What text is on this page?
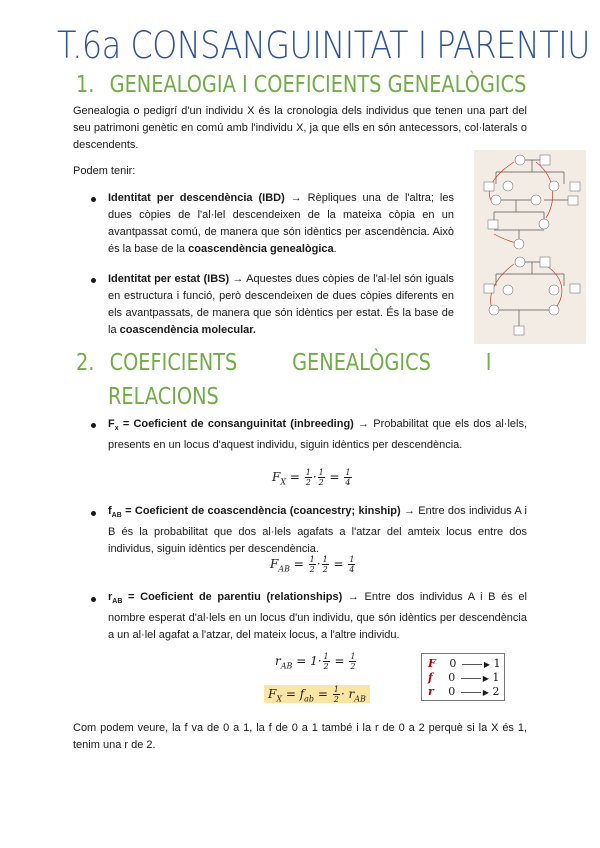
T.6a CONSANGUINITAT I PARENTIU
1. GENEALOGIA I COEFICIENTS GENEALÒGICS
Genealogia o pedigrí d'un individu X és la cronologia dels individus que tenen una part del seu patrimoni genètic en comú amb l'individu X, ja que ells en són antecessors, col·laterals o descendents.
Podem tenir:
Identitat per descendència (IBD) → Rèpliques una de l'altra; les dues còpies de l'al·lel descendeixen de la mateixa còpia en un avantpassat comú, de manera que són idèntics per ascendència. Això és la base de la coascendència genealògica.
Identitat per estat (IBS) → Aquestes dues còpies de l'al·lel són iguals en estructura i funció, però descendeixen de dues còpies diferents en els avantpassats, de manera que són idèntics per estat. És la base de la coascendència molecular.
2. COEFICIENTS GENEALÒGICS I
RELACIONS
$F_x$ = Coeficient de consanguinitat (inbreeding) → Probabilitat que els dos al·lels, presents en un locus d'aquest individu, siguin idèntics per descendència.
$F_X = \frac{1}{2} \cdot \frac{1}{2} = \frac{1}{4}$
$f_{AB}$ = Coeficient de coascendència (coancestry; kinship) → Entre dos individus A i B és la probabilitat que dos al·lels agafats a l'atzar del amteix locus entre dos individus, siguin idèntics per descendència.
$F_{AB} = \frac{1}{2} \cdot \frac{1}{2} = \frac{1}{4}$
$r_{AB}$ = Coeficient de parentiu (relationships) → Entre dos individus A i B és el nombre esperat d'al·lels en un locus d'un individu, que són idèntics per descendència a un al·lel agafat a l'atzar, del mateix locus, a l'altre individu.
$r_{AB} = 1\cdot \frac{1}{2} = \frac{1}{2}$
$F_X = f_{ab} = \frac{1}{2} \cdot r_{AB}$
F 0	▶ 1
f 0	▶ 1
r 0	▶ 2
Com podem veure, la f va de 0 a 1, la f de 0 a 1 també i la r de 0 a 2 perquè si la X és 1, tenim una r de 2.
